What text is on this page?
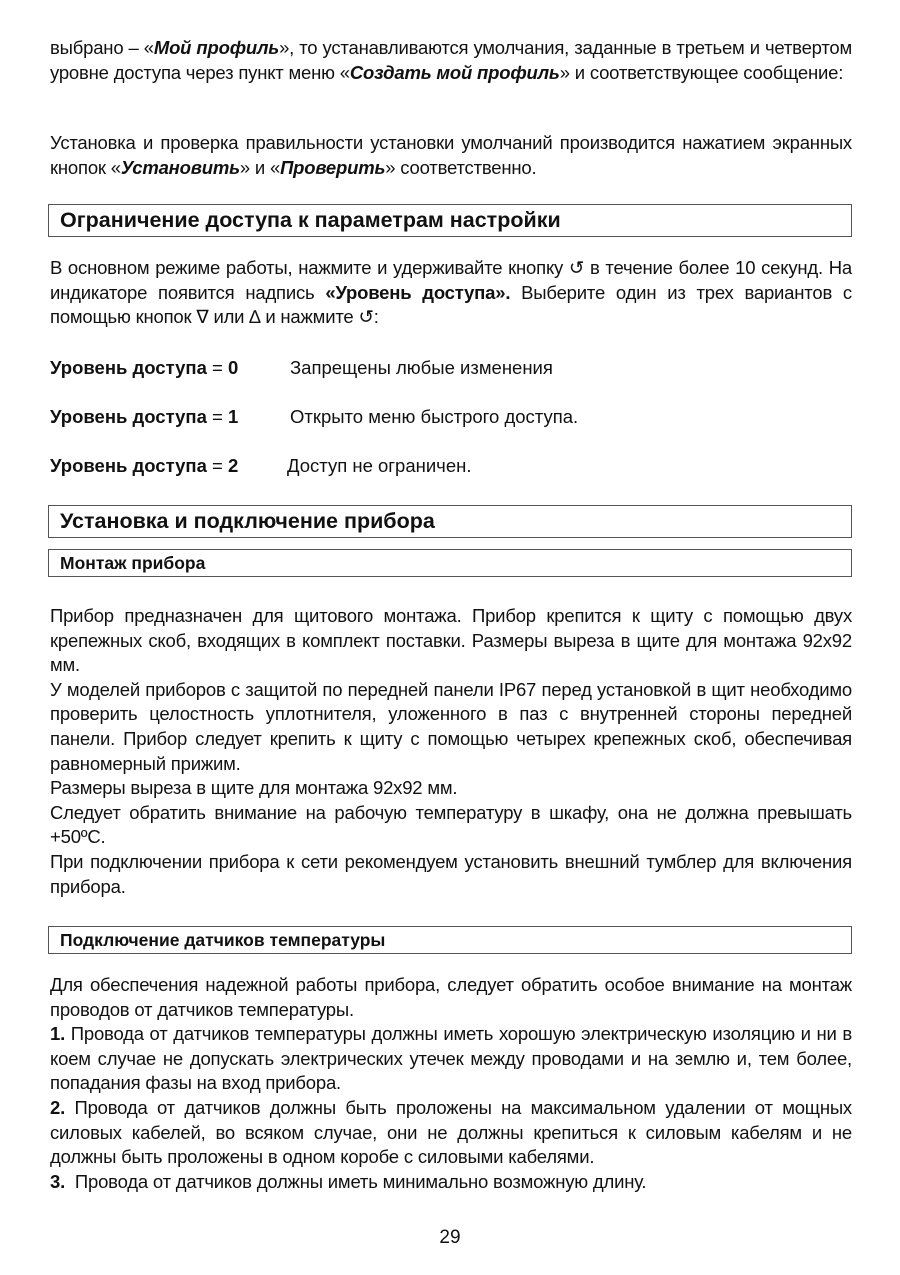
выбрано – «Мой профиль», то устанавливаются умолчания, заданные в третьем и четвертом уровне доступа через пункт меню «Создать мой профиль» и соответствующее сообщение:
Установка и проверка правильности установки умолчаний производится нажатием экранных кнопок «Установить» и «Проверить» соответственно.
Ограничение доступа к параметрам настройки
В основном режиме работы, нажмите и удерживайте кнопку ↺ в течение более 10 секунд. На индикаторе появится надпись «Уровень доступа». Выберите один из трех вариантов с помощью кнопок ∇ или ∆ и нажмите ↺:
Уровень доступа = 0	Запрещены любые изменения
Уровень доступа = 1	Открыто меню быстрого доступа.
Уровень доступа = 2	Доступ не ограничен.
Установка и подключение прибора
Монтаж прибора
Прибор предназначен для щитового монтажа. Прибор крепится к щиту с помощью двух крепежных скоб, входящих в комплект поставки. Размеры выреза в щите для монтажа 92х92 мм.
У моделей приборов с защитой по передней панели IP67 перед установкой в щит необходимо проверить целостность уплотнителя, уложенного в паз с внутренней стороны передней панели. Прибор следует крепить к щиту с помощью четырех крепежных скоб, обеспечивая равномерный прижим.
Размеры выреза в щите для монтажа 92х92 мм.
Следует обратить внимание на рабочую температуру в шкафу, она не должна превышать +50ºС.
При подключении прибора к сети рекомендуем установить внешний тумблер для включения прибора.
Подключение датчиков температуры
Для обеспечения надежной работы прибора, следует обратить особое внимание на монтаж проводов от датчиков температуры.
1. Провода от датчиков температуры должны иметь хорошую электрическую изоляцию и ни в коем случае не допускать электрических утечек между проводами и на землю и, тем более, попадания фазы на вход прибора.
2. Провода от датчиков должны быть проложены на максимальном удалении от мощных силовых кабелей, во всяком случае, они не должны крепиться к силовым кабелям и не должны быть проложены в одном коробе с силовыми кабелями.
3.  Провода от датчиков должны иметь минимально возможную длину.
29
